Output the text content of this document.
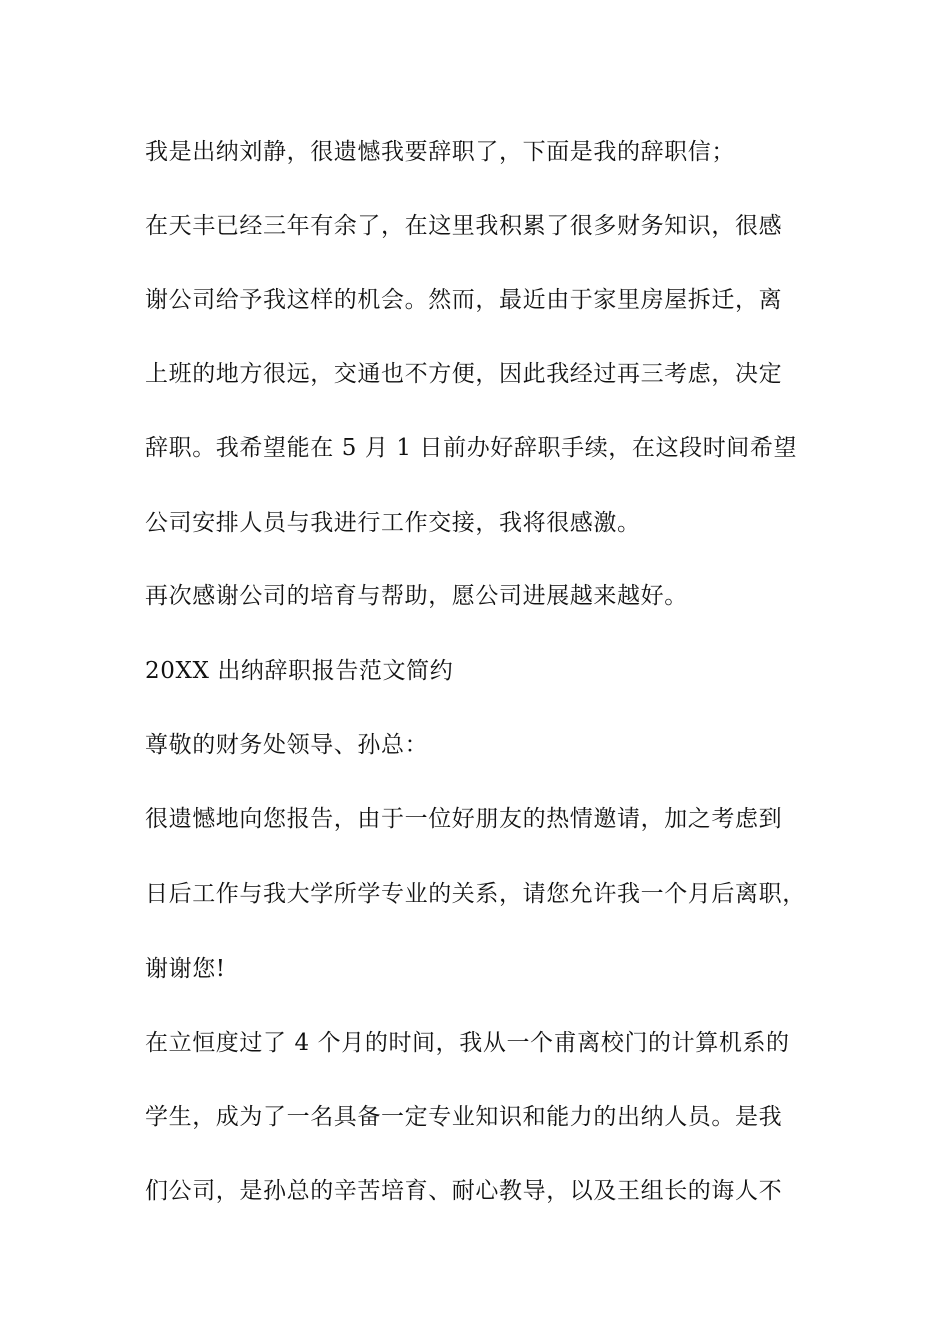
我是出纳刘静，很遗憾我要辞职了，下面是我的辞职信；
在天丰已经三年有余了，在这里我积累了很多财务知识，很感
谢公司给予我这样的机会。然而，最近由于家里房屋拆迁，离
上班的地方很远，交通也不方便，因此我经过再三考虑，决定
辞职。我希望能在 5 月 1 日前办好辞职手续，在这段时间希望
公司安排人员与我进行工作交接，我将很感激。
再次感谢公司的培育与帮助，愿公司进展越来越好。
20XX 出纳辞职报告范文简约
尊敬的财务处领导、孙总：
很遗憾地向您报告，由于一位好朋友的热情邀请，加之考虑到
日后工作与我大学所学专业的关系，请您允许我一个月后离职，
谢谢您!
在立恒度过了 4 个月的时间，我从一个甫离校门的计算机系的
学生，成为了一名具备一定专业知识和能力的出纳人员。是我
们公司，是孙总的辛苦培育、耐心教导，以及王组长的诲人不
